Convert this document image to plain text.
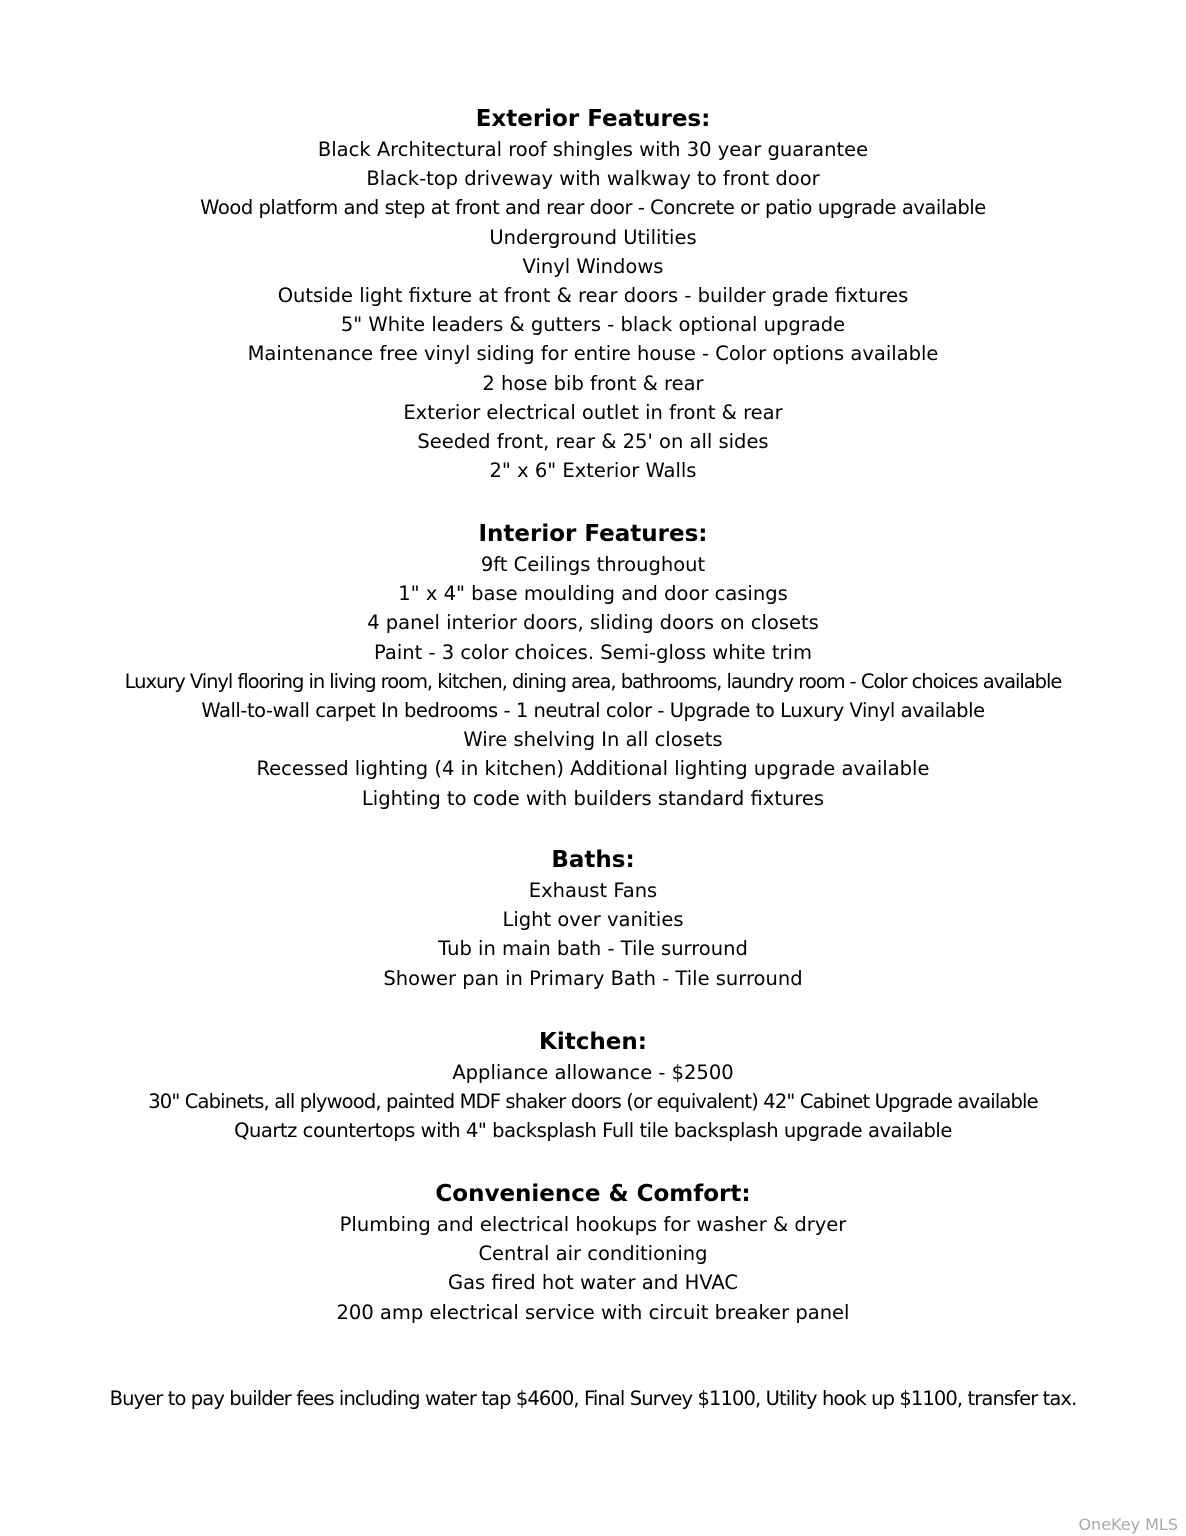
Exterior Features:
Black Architectural roof shingles with 30 year guarantee
Black-top driveway with walkway to front door
Wood platform and step at front and rear door - Concrete or patio upgrade available
Underground Utilities
Vinyl Windows
Outside light fixture at front & rear doors - builder grade fixtures
5" White leaders & gutters - black optional upgrade
Maintenance free vinyl siding for entire house - Color options available
2 hose bib front & rear
Exterior electrical outlet in front & rear
Seeded front, rear & 25' on all sides
2" x 6" Exterior Walls
Interior Features:
9ft Ceilings throughout
1" x 4" base moulding and door casings
4 panel interior doors, sliding doors on closets
Paint - 3 color choices. Semi-gloss white trim
Luxury Vinyl flooring in living room, kitchen, dining area, bathrooms, laundry room - Color choices available
Wall-to-wall carpet In bedrooms - 1 neutral color - Upgrade to Luxury Vinyl available
Wire shelving In all closets
Recessed lighting (4 in kitchen) Additional lighting upgrade available
Lighting to code with builders standard fixtures
Baths:
Exhaust Fans
Light over vanities
Tub in main bath - Tile surround
Shower pan in Primary Bath - Tile surround
Kitchen:
Appliance allowance - $2500
30" Cabinets, all plywood, painted MDF shaker doors (or equivalent) 42" Cabinet Upgrade available
Quartz countertops with 4" backsplash Full tile backsplash upgrade available
Convenience & Comfort:
Plumbing and electrical hookups for washer & dryer
Central air conditioning
Gas fired hot water and HVAC
200 amp electrical service with circuit breaker panel
Buyer to pay builder fees including water tap $4600, Final Survey $1100, Utility hook up $1100, transfer tax.
OneKey MLS
